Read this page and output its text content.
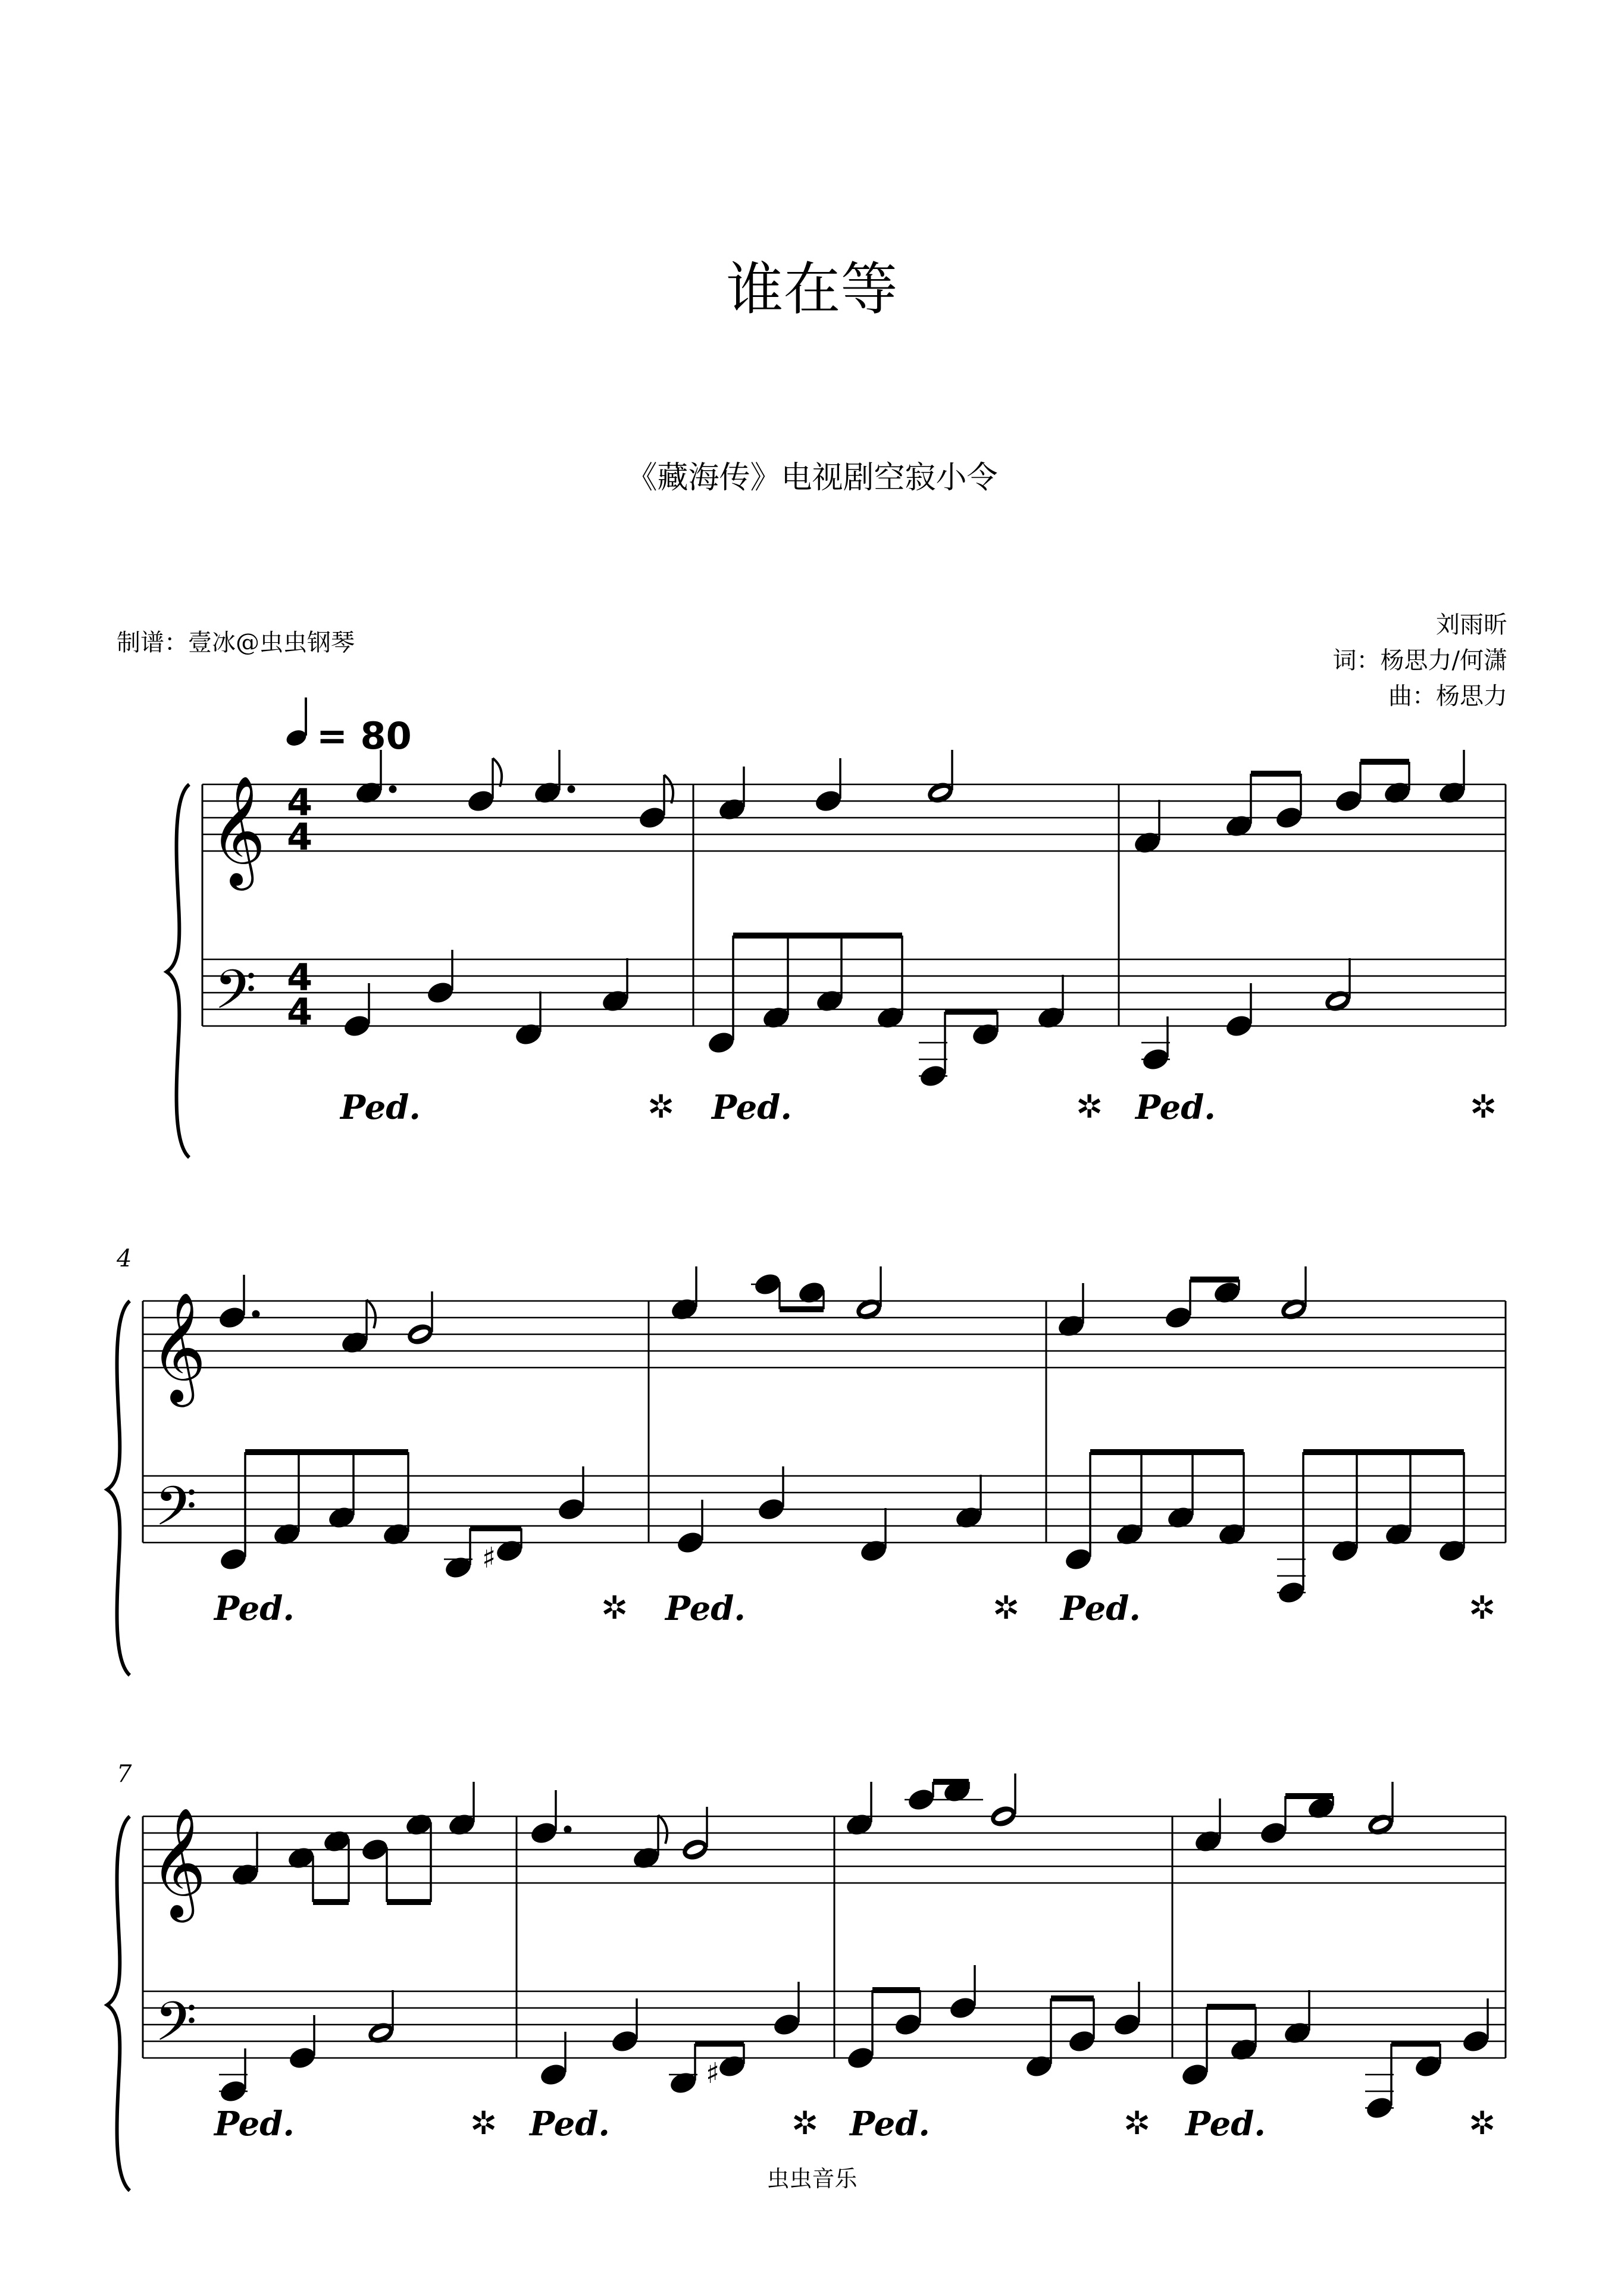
谁在等
《藏海传》电视剧空寂小令
制谱：壹冰@虫虫钢琴
刘雨昕
词：杨思力/何潇
曲：杨思力
= 80
𝄞
𝄢
4
4
4
4
Ped.	✲ Ped.	✲ Ped.	✲
4
𝄞
𝄢
♯
Ped.	✲ Ped.	✲ Ped.	✲
7
𝄞
𝄢
♯
Ped.	✲ Ped.	✲ Ped.	✲ Ped.	✲
虫虫音乐
